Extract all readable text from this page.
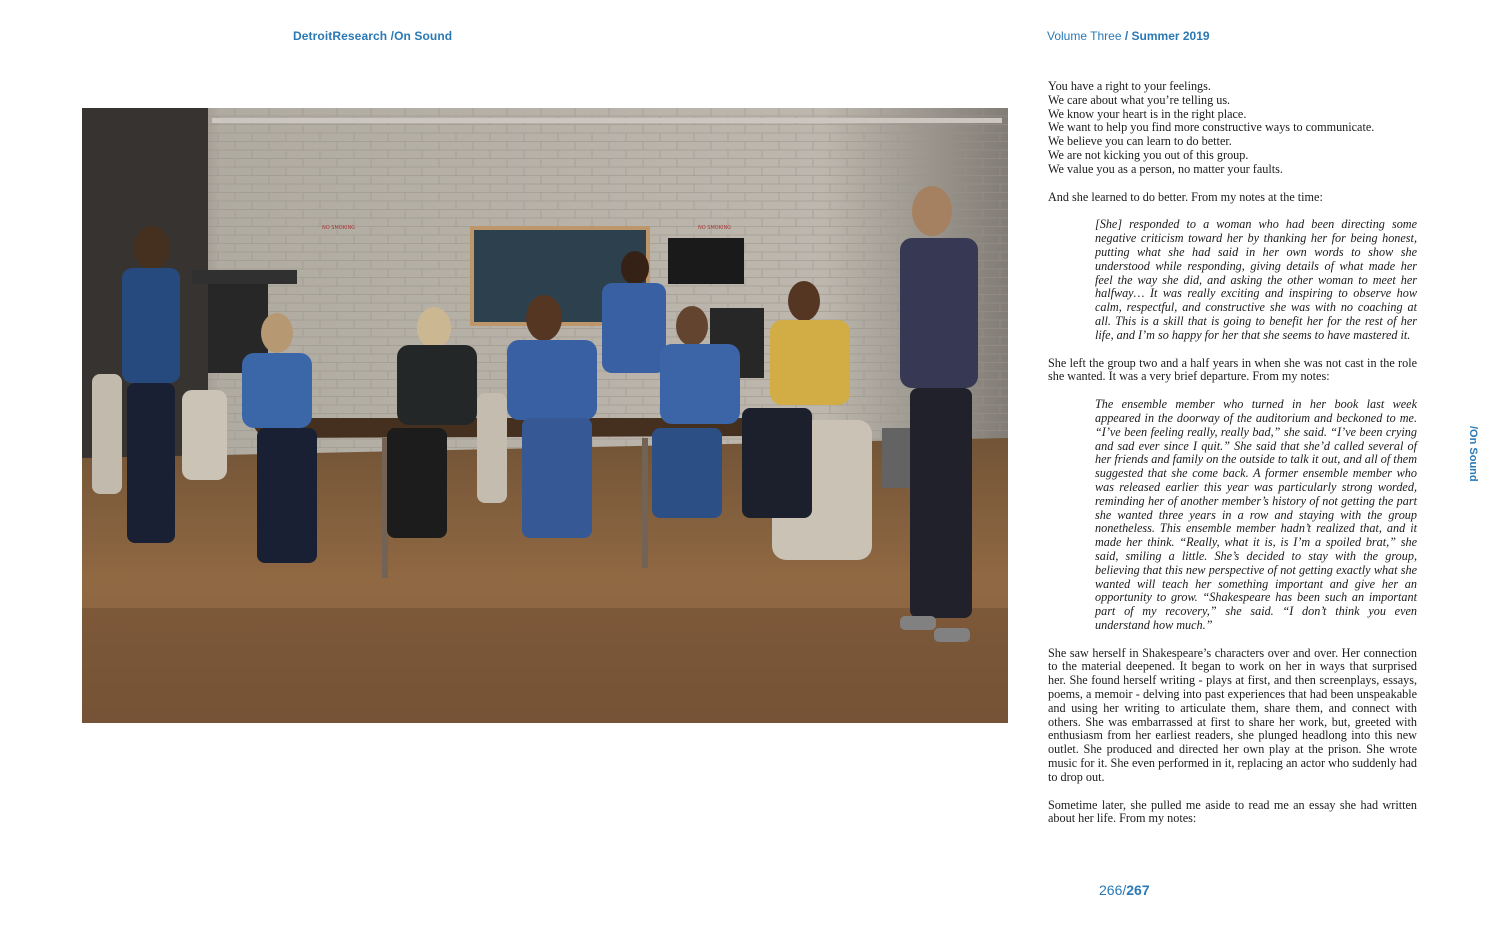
DetroitResearch /On Sound	Volume Three / Summer 2019
NO SMOKING	NO SMOKING

You have a right to your feelings.
We care about what you’re telling us.
We know your heart is in the right place.
We want to help you find more constructive ways to communicate.
We believe you can learn to do better.
We are not kicking you out of this group.
We value you as a person, no matter your faults.

And she learned to do better. From my notes at the time:

[She] responded to a woman who had been directing some negative criticism toward her by thanking her for being honest, putting what she had said in her own words to show she understood while responding, giving details of what made her feel the way she did, and asking the other woman to meet her halfway… It was really exciting and inspiring to observe how calm, respectful, and constructive she was with no coaching at all. This is a skill that is going to benefit her for the rest of her life, and I’m so happy for her that she seems to have mastered it.

She left the group two and a half years in when she was not cast in the role she wanted. It was a very brief departure. From my notes:

The ensemble member who turned in her book last week appeared in the doorway of the auditorium and beckoned to me. “I’ve been feeling really, really bad,” she said. “I’ve been crying and sad ever since I quit.” She said that she’d called several of her friends and family on the outside to talk it out, and all of them suggested that she come back. A former ensemble member who was released earlier this year was particularly strong worded, reminding her of another member’s history of not getting the part she wanted three years in a row and staying with the group nonetheless. This ensemble member hadn’t realized that, and it made her think. “Really, what it is, is I’m a spoiled brat,” she said, smiling a little. She’s decided to stay with the group, believing that this new perspective of not getting exactly what she wanted will teach her something important and give her an opportunity to grow. “Shakespeare has been such an important part of my recovery,” she said. “I don’t think you even understand how much.”

She saw herself in Shakespeare’s characters over and over. Her connection to the material deepened. It began to work on her in ways that surprised her. She found herself writing - plays at first, and then screenplays, essays, poems, a memoir - delving into past experiences that had been unspeakable and using her writing to articulate them, share them, and connect with others. She was embarrassed at first to share her work, but, greeted with enthusiasm from her earliest readers, she plunged headlong into this new outlet. She produced and directed her own play at the prison. She wrote music for it. She even performed in it, replacing an actor who suddenly had to drop out.

Sometime later, she pulled me aside to read me an essay she had written about her life. From my notes:

/On Sound
266/267
